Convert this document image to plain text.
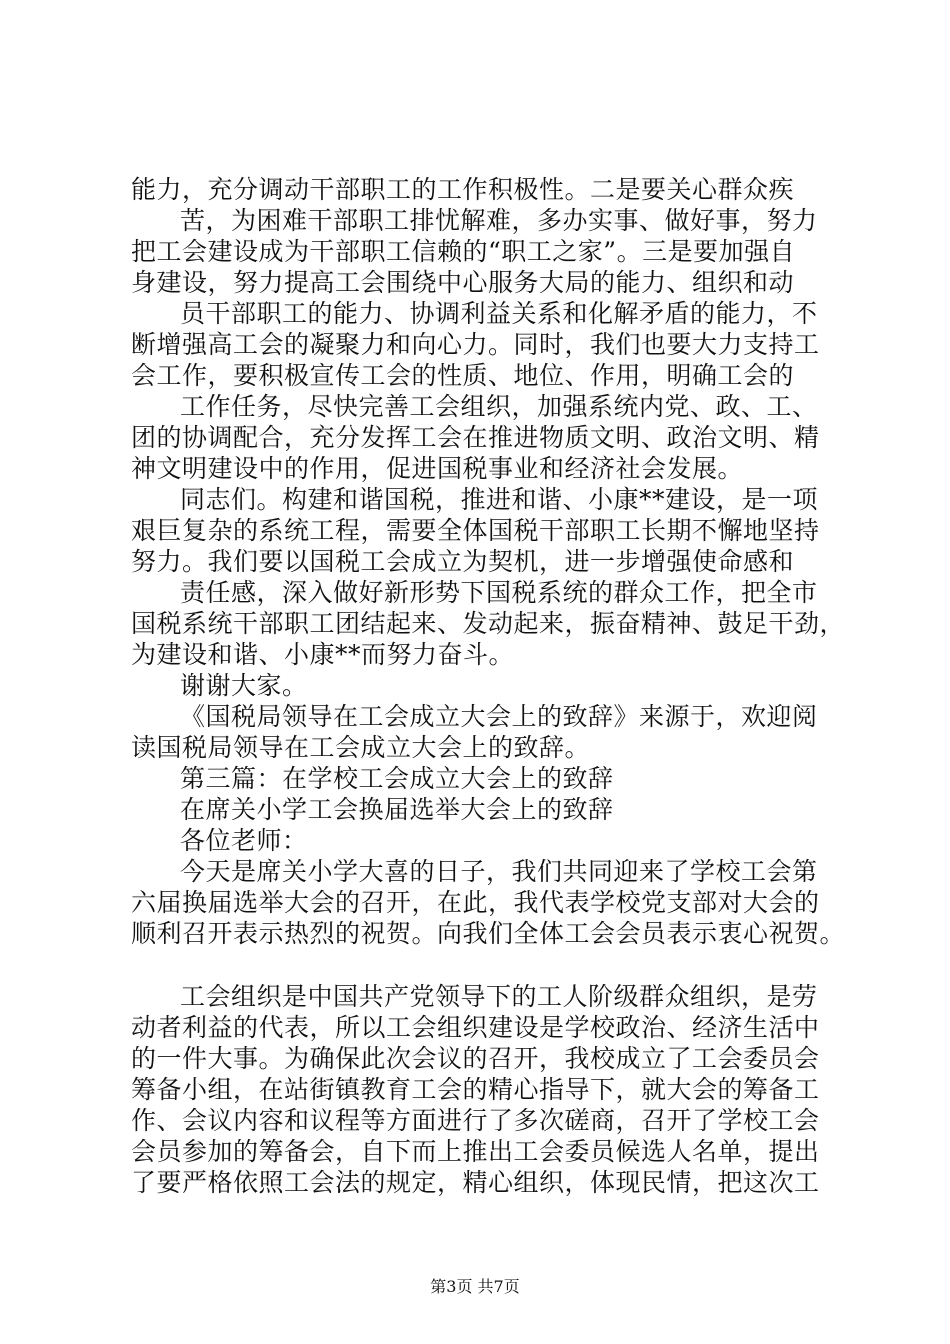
能力，充分调动干部职工的工作积极性。二是要关心群众疾
苦，为困难干部职工排忧解难，多办实事、做好事，努力
把工会建设成为干部职工信赖的“职工之家”。三是要加强自
身建设，努力提高工会围绕中心服务大局的能力、组织和动
员干部职工的能力、协调利益关系和化解矛盾的能力，不
断增强高工会的凝聚力和向心力。同时，我们也要大力支持工
会工作，要积极宣传工会的性质、地位、作用，明确工会的
工作任务，尽快完善工会组织，加强系统内党、政、工、
团的协调配合，充分发挥工会在推进物质文明、政治文明、精
神文明建设中的作用，促进国税事业和经济社会发展。
同志们。构建和谐国税，推进和谐、小康**建设，是一项
艰巨复杂的系统工程，需要全体国税干部职工长期不懈地坚持
努力。我们要以国税工会成立为契机，进一步增强使命感和
责任感，深入做好新形势下国税系统的群众工作，把全市
国税系统干部职工团结起来、发动起来，振奋精神、鼓足干劲，
为建设和谐、小康**而努力奋斗。
谢谢大家。
《国税局领导在工会成立大会上的致辞》来源于，欢迎阅
读国税局领导在工会成立大会上的致辞。
第三篇：在学校工会成立大会上的致辞
在席关小学工会换届选举大会上的致辞
各位老师：
今天是席关小学大喜的日子，我们共同迎来了学校工会第
六届换届选举大会的召开，在此，我代表学校党支部对大会的
顺利召开表示热烈的祝贺。向我们全体工会会员表示衷心祝贺。
工会组织是中国共产党领导下的工人阶级群众组织，是劳
动者利益的代表，所以工会组织建设是学校政治、经济生活中
的一件大事。为确保此次会议的召开，我校成立了工会委员会
筹备小组，在站街镇教育工会的精心指导下，就大会的筹备工
作、会议内容和议程等方面进行了多次磋商，召开了学校工会
会员参加的筹备会，自下而上推出工会委员候选人名单，提出
了要严格依照工会法的规定，精心组织，体现民情，把这次工
第3页 共7页
